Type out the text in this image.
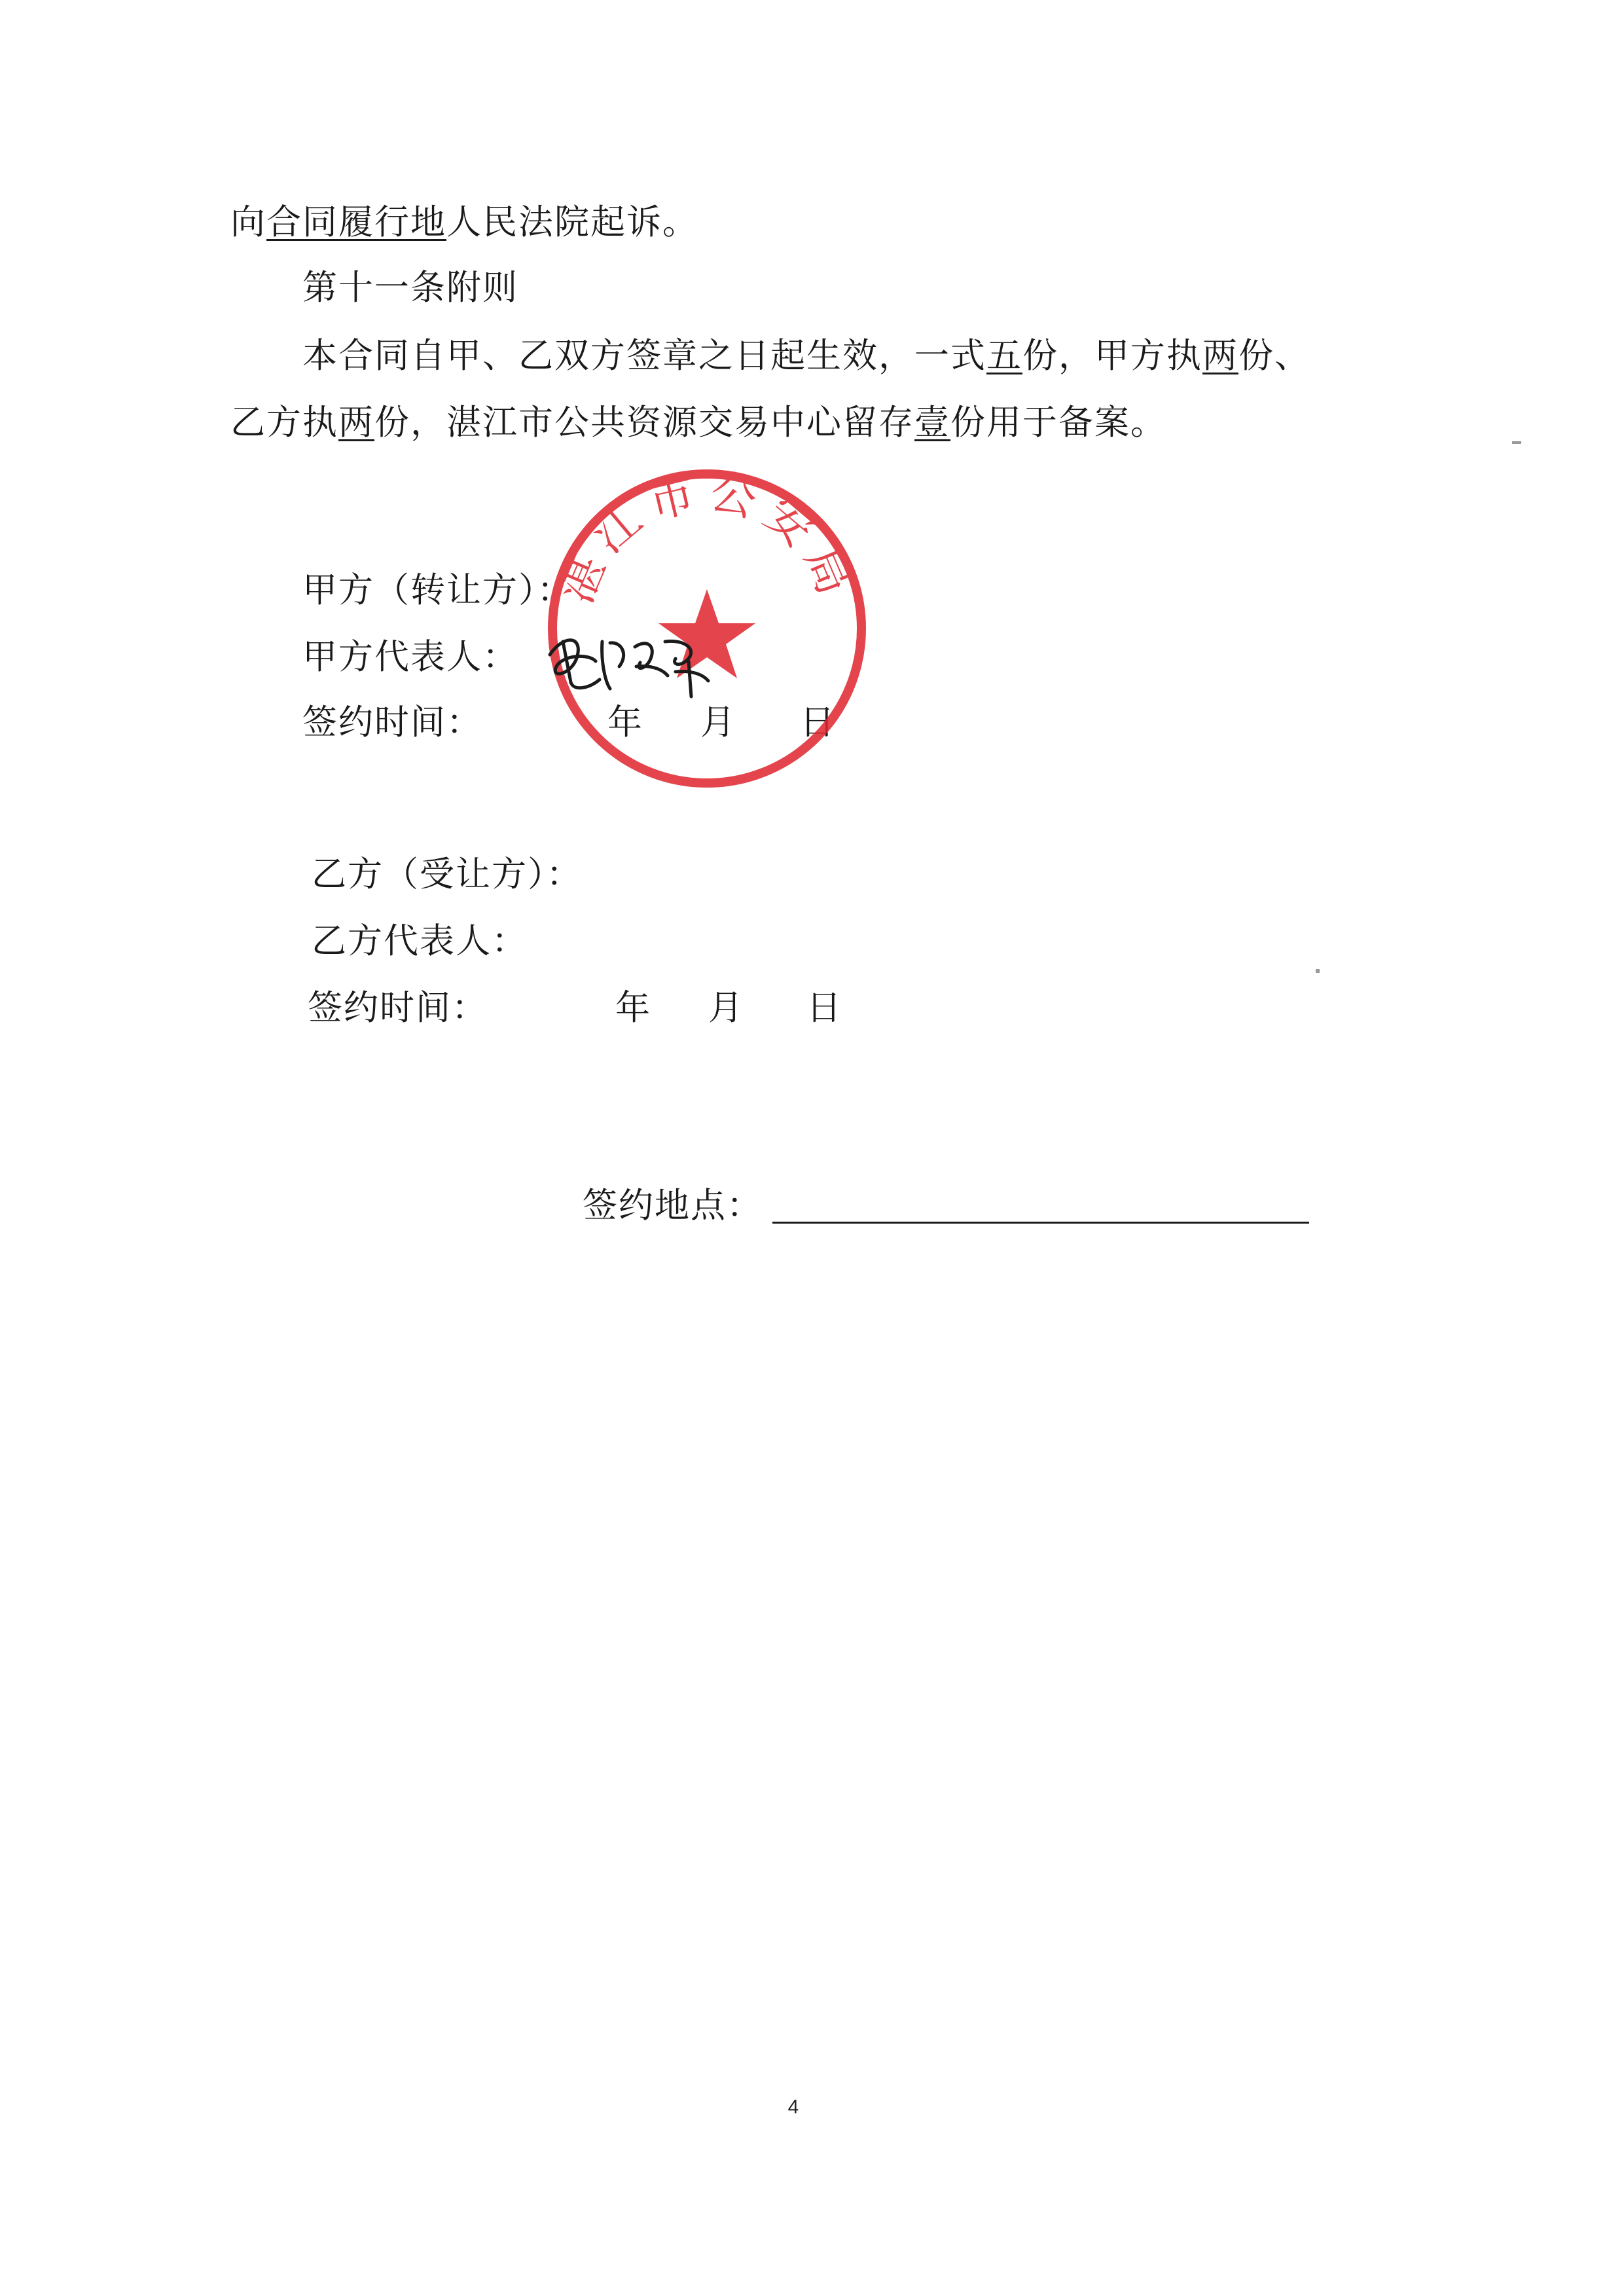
向合同履行地人民法院起诉。
第十一条附则
本合同自甲、乙双方签章之日起生效，一式五份，甲方执两份、
乙方执两份，湛江市公共资源交易中心留存壹份用于备案。
甲方（转让方）：
甲方代表人：
签约时间：	年 月 日
乙方（受让方）：
乙方代表人：
签约时间：	年 月 日
签约地点：
湛江市公安局
4
